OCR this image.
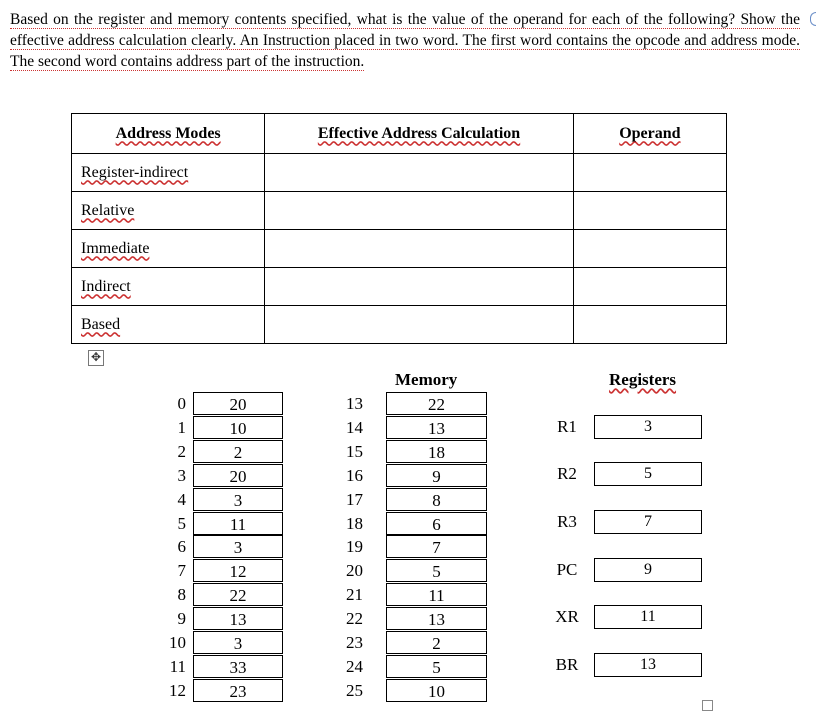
Based on the register and memory contents specified, what is the value of the operand for each of the following? Show the effective address calculation clearly. An Instruction placed in two word. The first word contains the opcode and address mode. The second word contains address part of the instruction.
Address Modes	Effective Address Calculation	Operand
Register-indirect		
Relative		
Immediate		
Indirect		
Based		
✥
Memory	Registers
0	20
1	10
2	2
3	20
4	3
5	11
6	3
7	12
8	22
9	13
10	3
11	33
12	23
13	22
14	13
15	18
16	9
17	8
18	6
19	7
20	5
21	11
22	13
23	2
24	5
25	10
R1	3
R2	5
R3	7
PC	9
XR	11
BR	13
